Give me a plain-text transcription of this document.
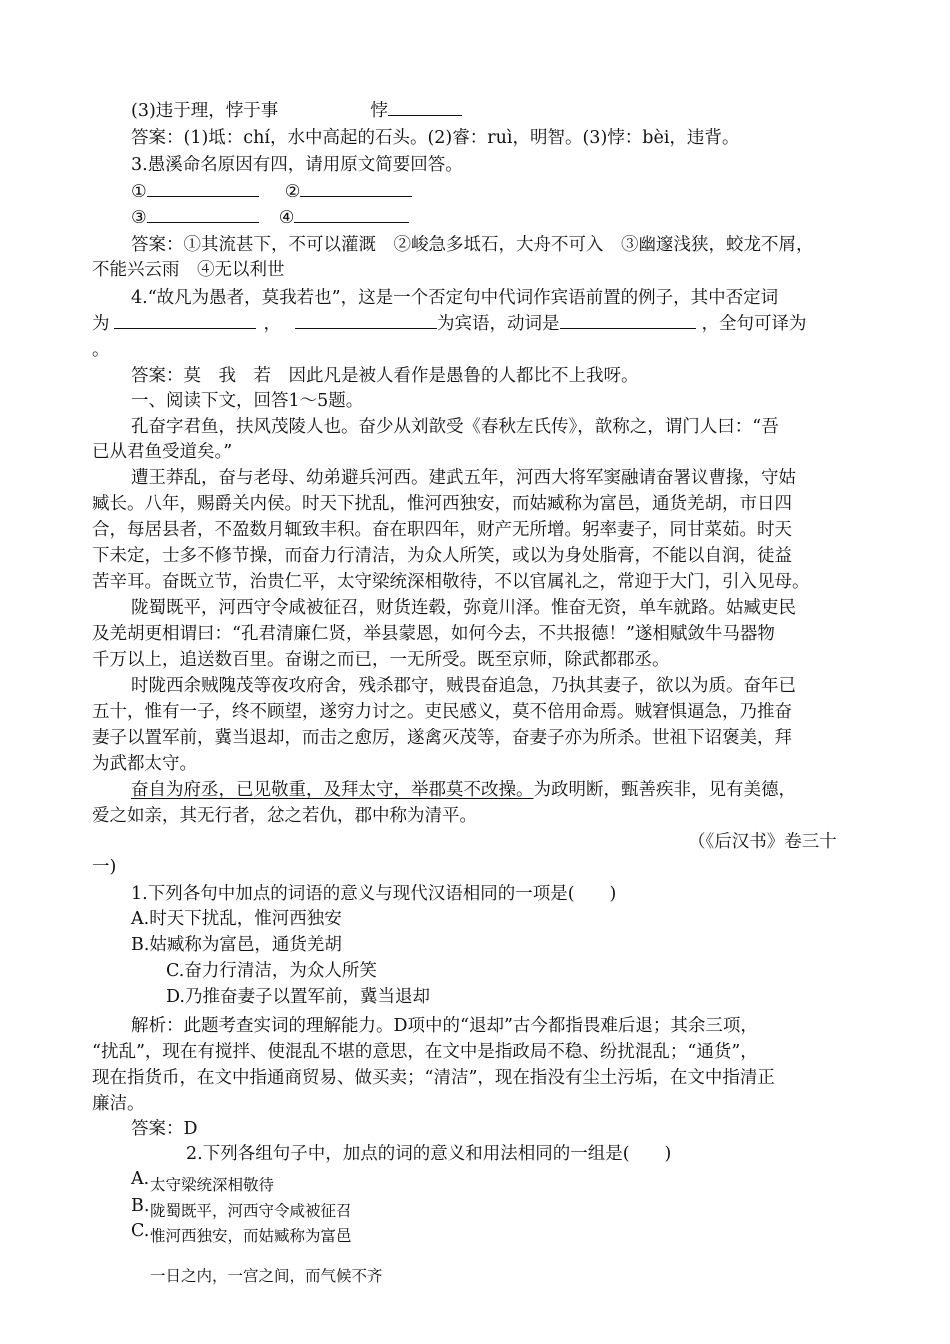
(3)违于理，悖于事	悖
答案：(1)坻：chí，水中高起的石头。(2)睿：ruì，明智。(3)悖：bèi，违背。
3.愚溪命名原因有四，请用原文简要回答。
①	②
③	④
答案：①其流甚下，不可以灌溉　②峻急多坻石，大舟不可入　③幽邃浅狭，蛟龙不屑，
不能兴云雨　④无以利世
4.“故凡为愚者，莫我若也”，这是一个否定句中代词作宾语前置的例子，其中否定词
为	，	为宾语，动词是	，全句可译为
。
答案：莫　我　若　因此凡是被人看作是愚鲁的人都比不上我呀。
一、阅读下文，回答1～5题。
孔奋字君鱼，扶风茂陵人也。奋少从刘歆受《春秋左氏传》，歆称之，谓门人曰：“吾
已从君鱼受道矣。”
遭王莽乱，奋与老母、幼弟避兵河西。建武五年，河西大将军窦融请奋署议曹掾，守姑
臧长。八年，赐爵关内侯。时天下扰乱，惟河西独安，而姑臧称为富邑，通货羌胡，市日四
合，每居县者，不盈数月辄致丰积。奋在职四年，财产无所增。躬率妻子，同甘菜茹。时天
下未定，士多不修节操，而奋力行清洁，为众人所笑，或以为身处脂膏，不能以自润，徒益
苦辛耳。奋既立节，治贵仁平，太守梁统深相敬待，不以官属礼之，常迎于大门，引入见母。
陇蜀既平，河西守令咸被征召，财货连毂，弥竟川泽。惟奋无资，单车就路。姑臧吏民
及羌胡更相谓曰：“孔君清廉仁贤，举县蒙恩，如何今去，不共报德！”遂相赋敛牛马器物
千万以上，追送数百里。奋谢之而已，一无所受。既至京师，除武都郡丞。
时陇西余贼隗茂等夜攻府舍，残杀郡守，贼畏奋追急，乃执其妻子，欲以为质。奋年已
五十，惟有一子，终不顾望，遂穷力讨之。吏民感义，莫不倍用命焉。贼窘惧逼急，乃推奋
妻子以置军前，冀当退却，而击之愈厉，遂禽灭茂等，奋妻子亦为所杀。世祖下诏褒美，拜
为武都太守。
奋自为府丞，已见敬重，及拜太守，举郡莫不改操。为政明断，甄善疾非，见有美德，
爱之如亲，其无行者，忿之若仇，郡中称为清平。
（《后汉书》卷三十
一)
1.下列各句中加点的词语的意义与现代汉语相同的一项是(　　)
A.时天下扰乱，惟河西独安
B.姑臧称为富邑，通货羌胡
C.奋力行清洁，为众人所笑
D.乃推奋妻子以置军前，冀当退却
解析：此题考查实词的理解能力。D项中的“退却”古今都指畏难后退；其余三项，
“扰乱”，现在有搅拌、使混乱不堪的意思，在文中是指政局不稳、纷扰混乱；“通货”，
现在指货币，在文中指通商贸易、做买卖；“清洁”，现在指没有尘土污垢，在文中指清正
廉洁。
答案：D
2.下列各组句子中，加点的词的意义和用法相同的一组是(　　)
A. 太守梁统深相敬待
B. 陇蜀既平，河西守令咸被征召
C. 惟河西独安，而姑臧称为富邑
一日之内，一宫之间，而气候不齐
